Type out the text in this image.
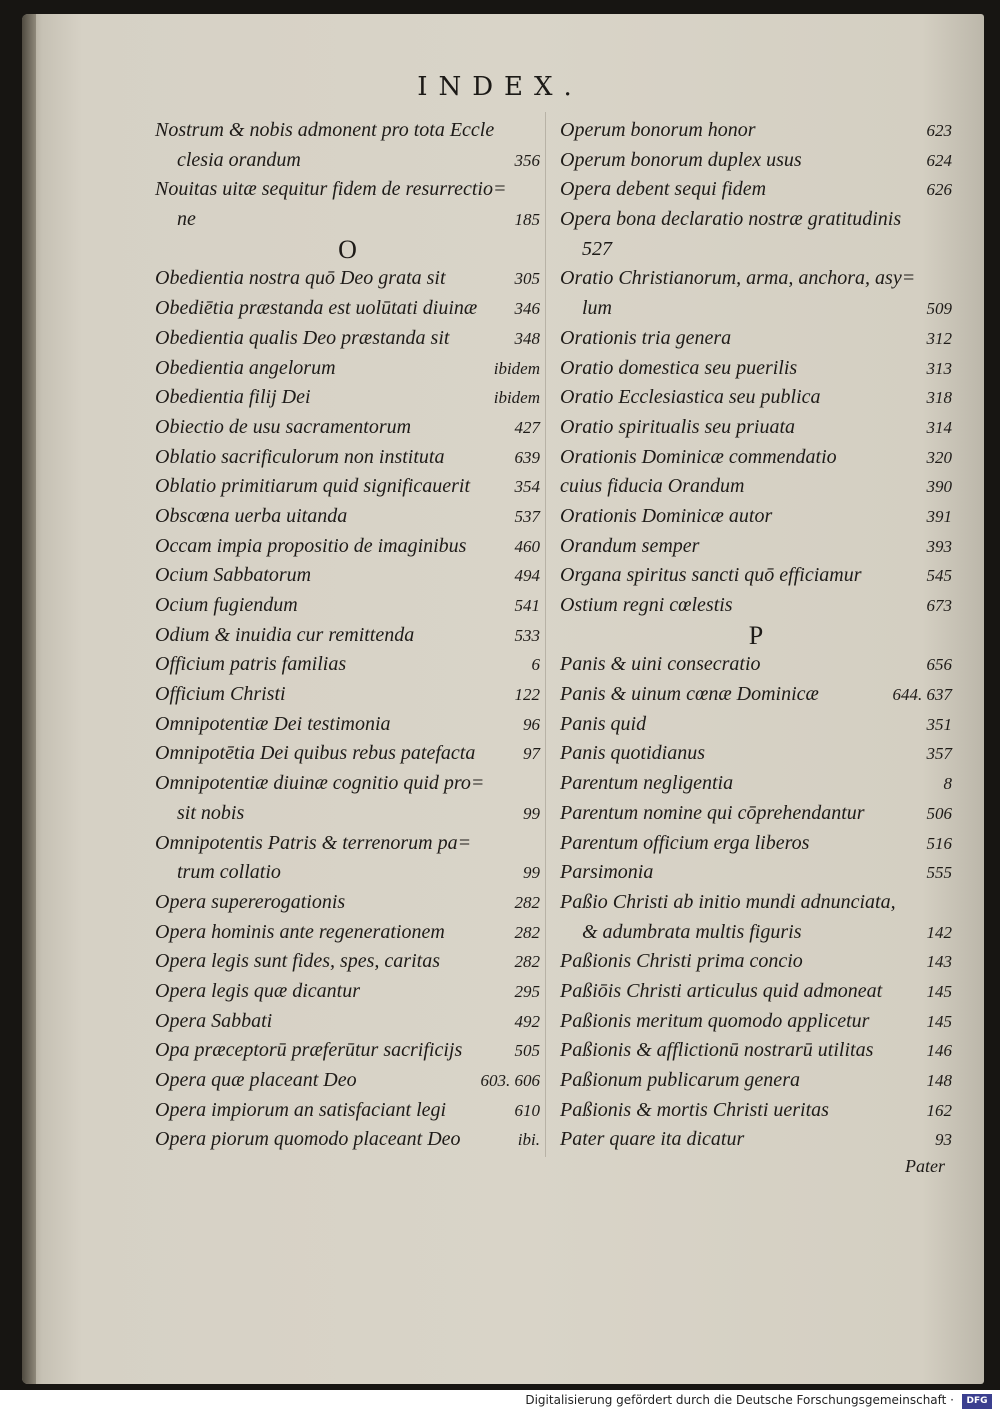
INDEX.
Nostrum & nobis admonent pro tota Eccle
clesia orandum	356
Nouitas uitæ sequitur fidem de resurrectio=
ne	185
O
Obedientia nostra quō Deo grata sit	305
Obediētia præstanda est uolūtati diuinæ	346
Obedientia qualis Deo præstanda sit	348
Obedientia angelorum	ibidem
Obedientia filij Dei	ibidem
Obiectio de usu sacramentorum	427
Oblatio sacrificulorum non instituta	639
Oblatio primitiarum quid significauerit	354
Obscœna uerba uitanda	537
Occam impia propositio de imaginibus	460
Ocium Sabbatorum	494
Ocium fugiendum	541
Odium & inuidia cur remittenda	533
Officium patris familias	6
Officium Christi	122
Omnipotentiæ Dei testimonia	96
Omnipotētia Dei quibus rebus patefacta	97
Omnipotentiæ diuinæ cognitio quid pro=
sit nobis	99
Omnipotentis Patris & terrenorum pa=
trum collatio	99
Opera supererogationis	282
Opera hominis ante regenerationem	282
Opera legis sunt fides, spes, caritas	282
Opera legis quæ dicantur	295
Opera Sabbati	492
Opa præceptorū præferūtur sacrificijs	505
Opera quæ placeant Deo	603. 606
Opera impiorum an satisfaciant legi	610
Opera piorum quomodo placeant Deo	ibi.
Operum bonorum honor	623
Operum bonorum duplex usus	624
Opera debent sequi fidem	626
Opera bona declaratio nostræ gratitudinis
527
Oratio Christianorum, arma, anchora, asy=
lum	509
Orationis tria genera	312
Oratio domestica seu puerilis	313
Oratio Ecclesiastica seu publica	318
Oratio spiritualis seu priuata	314
Orationis Dominicæ commendatio	320
cuius fiducia Orandum	390
Orationis Dominicæ autor	391
Orandum semper	393
Organa spiritus sancti quō efficiamur	545
Ostium regni cœlestis	673
P
Panis & uini consecratio	656
Panis & uinum cœnæ Dominicæ	644. 637
Panis quid	351
Panis quotidianus	357
Parentum negligentia	8
Parentum nomine qui cōprehendantur	506
Parentum officium erga liberos	516
Parsimonia	555
Paßio Christi ab initio mundi adnunciata,
& adumbrata multis figuris	142
Paßionis Christi prima concio	143
Paßiōis Christi articulus quid admoneat	145
Paßionis meritum quomodo applicetur	145
Paßionis & afflictionū nostrarū utilitas	146
Paßionum publicarum genera	148
Paßionis & mortis Christi ueritas	162
Pater quare ita dicatur	93
Pater
Digitalisierung gefördert durch die Deutsche Forschungsgemeinschaft ·	DFG
